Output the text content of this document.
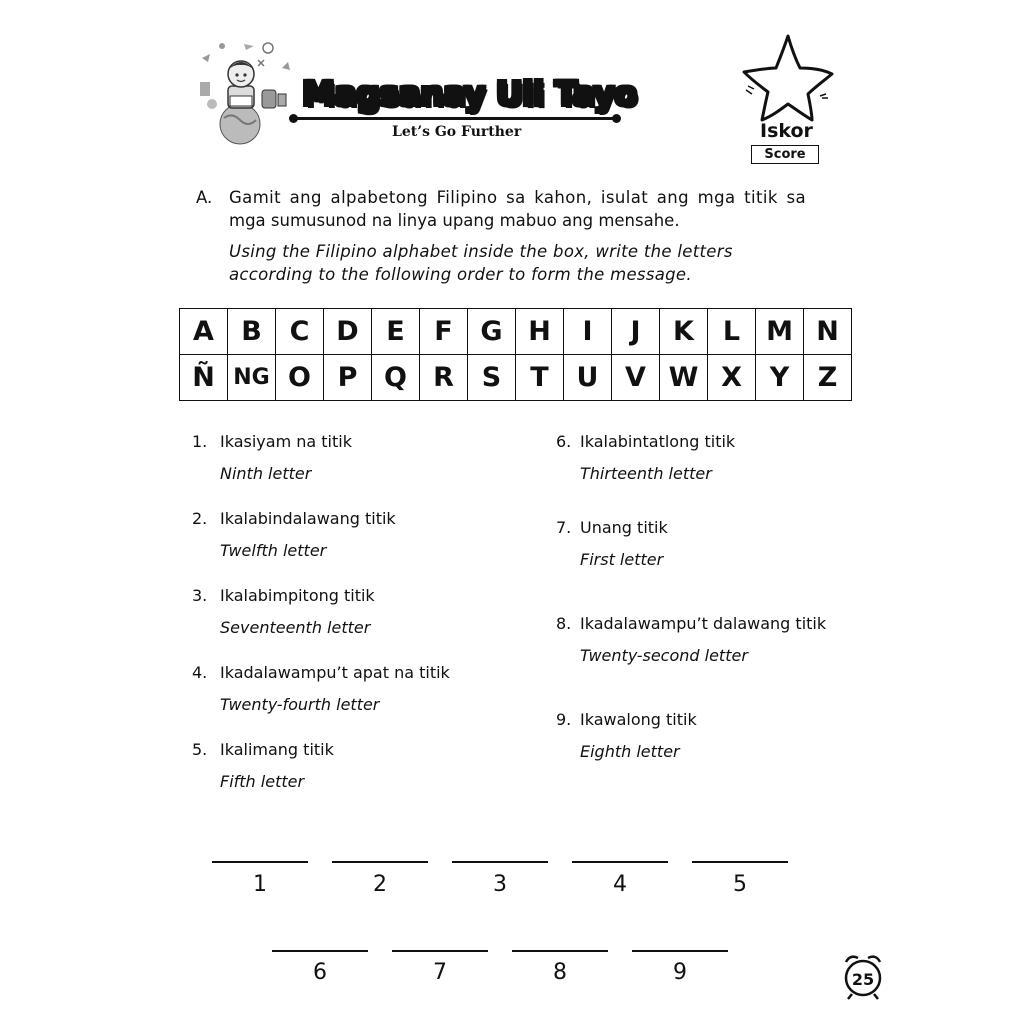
Magsanay Uli Tayo
Let’s Go Further	Iskor
Score
A. Gamit ang alpabetong Filipino sa kahon, isulat ang mga titik sa
mga sumusunod na linya upang mabuo ang mensahe.
Using the Filipino alphabet inside the box, write the letters
according to the following order to form the message.
A	B	C	D	E	F	G	H	I	J	K	L	M	N
Ñ	NG	O	P	Q	R	S	T	U	V	W	X	Y	Z
1. Ikasiyam na titik
Ninth letter
2. Ikalabindalawang titik
Twelfth letter
3. Ikalabimpitong titik
Seventeenth letter
4. Ikadalawampu’t apat na titik
Twenty-fourth letter
5. Ikalimang titik
Fifth letter
6. Ikalabintatlong titik
Thirteenth letter
7. Unang titik
First letter
8. Ikadalawampu’t dalawang titik
Twenty-second letter
9. Ikawalong titik
Eighth letter
1	2	3	4	5
6	7	8	9	25
